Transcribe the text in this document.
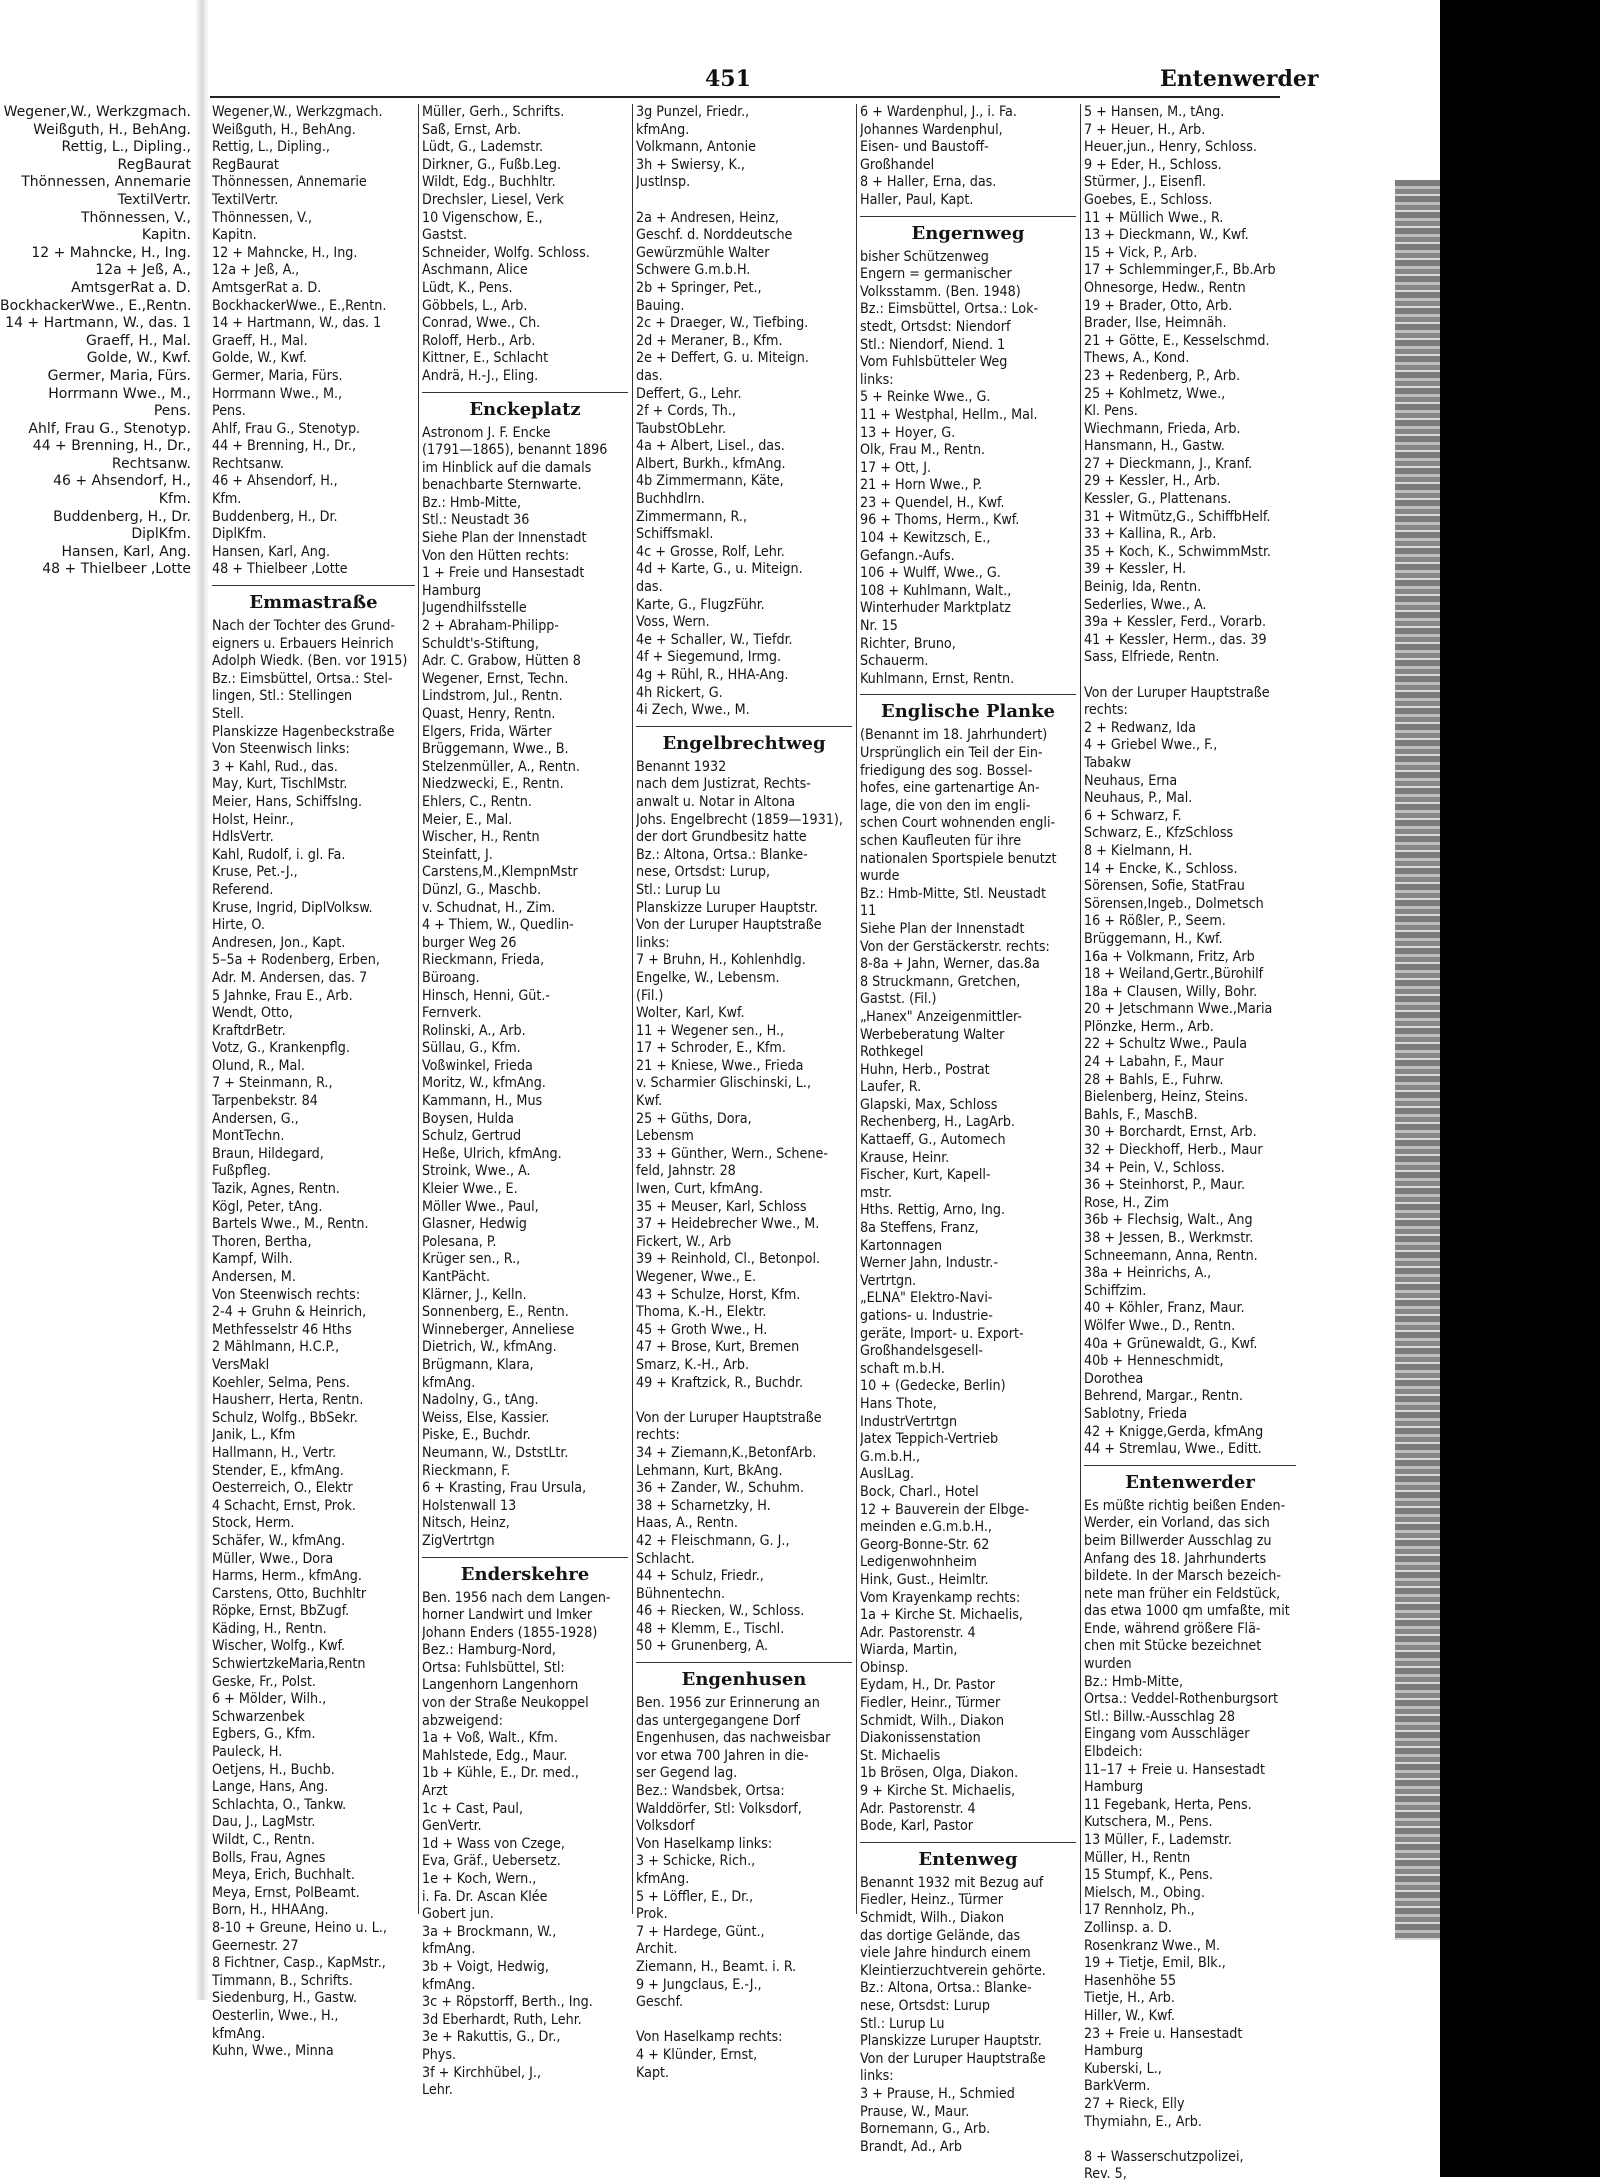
Wegener,W., Werkzgmach.
Weißguth, H., BehAng.
Rettig, L., Dipling.,
RegBaurat
Thönnessen, Annemarie
TextilVertr.
Thönnessen, V.,
Kapitn.
12 + Mahncke, H., Ing.
12a + Jeß, A.,
AmtsgerRat a. D.
BockhackerWwe., E.,Rentn.
14 + Hartmann, W., das. 1
Graeff, H., Mal.
Golde, W., Kwf.
Germer, Maria, Fürs.
Horrmann Wwe., M.,
Pens.
Ahlf, Frau G., Stenotyp.
44 + Brenning, H., Dr.,
Rechtsanw.
46 + Ahsendorf, H.,
Kfm.
Buddenberg, H., Dr.
DiplKfm.
Hansen, Karl, Ang.
48 + Thielbeer ,Lotte
451	Entenwerder
Wegener,W., Werkzgmach.
Weißguth, H., BehAng.
Rettig, L., Dipling.,
RegBaurat
Thönnessen, Annemarie
TextilVertr.
Thönnessen, V.,
Kapitn.
12 + Mahncke, H., Ing.
12a + Jeß, A.,
AmtsgerRat a. D.
BockhackerWwe., E.,Rentn.
14 + Hartmann, W., das. 1
Graeff, H., Mal.
Golde, W., Kwf.
Germer, Maria, Fürs.
Horrmann Wwe., M.,
Pens.
Ahlf, Frau G., Stenotyp.
44 + Brenning, H., Dr.,
Rechtsanw.
46 + Ahsendorf, H.,
Kfm.
Buddenberg, H., Dr.
DiplKfm.
Hansen, Karl, Ang.
48 + Thielbeer ,Lotte
Emmastraße
Nach der Tochter des Grund-
eigners u. Erbauers Heinrich
Adolph Wiedk. (Ben. vor 1915)
Bz.: Eimsbüttel, Ortsa.: Stel-
lingen, Stl.: Stellingen
Stell.
Planskizze Hagenbeckstraße
Von Steenwisch links:
3 + Kahl, Rud., das.
May, Kurt, TischlMstr.
Meier, Hans, SchiffsIng.
Holst, Heinr.,
HdlsVertr.
Kahl, Rudolf, i. gl. Fa.
Kruse, Pet.-J.,
Referend.
Kruse, Ingrid, DiplVolksw.
Hirte, O.
Andresen, Jon., Kapt.
5–5a + Rodenberg, Erben,
Adr. M. Andersen, das. 7
5 Jahnke, Frau E., Arb.
Wendt, Otto,
KraftdrBetr.
Votz, G., Krankenpflg.
Olund, R., Mal.
7 + Steinmann, R.,
Tarpenbekstr. 84
Andersen, G.,
MontTechn.
Braun, Hildegard,
Fußpfleg.
Tazik, Agnes, Rentn.
Kögl, Peter, tAng.
Bartels Wwe., M., Rentn.
Thoren, Bertha,
Kampf, Wilh.
Andersen, M.
Von Steenwisch rechts:
2-4 + Gruhn & Heinrich,
Methfesselstr 46 Hths
2 Mählmann, H.C.P.,
VersMakl
Koehler, Selma, Pens.
Hausherr, Herta, Rentn.
Schulz, Wolfg., BbSekr.
Janik, L., Kfm
Hallmann, H., Vertr.
Stender, E., kfmAng.
Oesterreich, O., Elektr
4 Schacht, Ernst, Prok.
Stock, Herm.
Schäfer, W., kfmAng.
Müller, Wwe., Dora
Harms, Herm., kfmAng.
Carstens, Otto, Buchhltr
Röpke, Ernst, BbZugf.
Käding, H., Rentn.
Wischer, Wolfg., Kwf.
SchwiertzkeMaria,Rentn
Geske, Fr., Polst.
6 + Mölder, Wilh.,
Schwarzenbek
Egbers, G., Kfm.
Pauleck, H.
Oetjens, H., Buchb.
Lange, Hans, Ang.
Schlachta, O., Tankw.
Dau, J., LagMstr.
Wildt, C., Rentn.
Bolls, Frau, Agnes
Meya, Erich, Buchhalt.
Meya, Ernst, PolBeamt.
Born, H., HHAAng.
8-10 + Greune, Heino u. L.,
Geernestr. 27
8 Fichtner, Casp., KapMstr.,
Timmann, B., Schrifts.
Siedenburg, H., Gastw.
Oesterlin, Wwe., H.,
kfmAng.
Kuhn, Wwe., Minna
Müller, Gerh., Schrifts.
Saß, Ernst, Arb.
Lüdt, G., Lademstr.
Dirkner, G., Fußb.Leg.
Wildt, Edg., Buchhltr.
Drechsler, Liesel, Verk
10 Vigenschow, E.,
Gastst.
Schneider, Wolfg. Schloss.
Aschmann, Alice
Lüdt, K., Pens.
Göbbels, L., Arb.
Conrad, Wwe., Ch.
Roloff, Herb., Arb.
Kittner, E., Schlacht
Andrä, H.-J., Eling.
Enckeplatz
Astronom J. F. Encke
(1791—1865), benannt 1896
im Hinblick auf die damals
benachbarte Sternwarte.
Bz.: Hmb-Mitte,
Stl.: Neustadt 36
Siehe Plan der Innenstadt
Von den Hütten rechts:
1 + Freie und Hansestadt
Hamburg
Jugendhilfsstelle
2 + Abraham-Philipp-
Schuldt's-Stiftung,
Adr. C. Grabow, Hütten 8
Wegener, Ernst, Techn.
Lindstrom, Jul., Rentn.
Quast, Henry, Rentn.
Elgers, Frida, Wärter
Brüggemann, Wwe., B.
Stelzenmüller, A., Rentn.
Niedzwecki, E., Rentn.
Ehlers, C., Rentn.
Meier, E., Mal.
Wischer, H., Rentn
Steinfatt, J.
Carstens,M.,KlempnMstr
Dünzl, G., Maschb.
v. Schudnat, H., Zim.
4 + Thiem, W., Quedlin-
burger Weg 26
Rieckmann, Frieda,
Büroang.
Hinsch, Henni, Güt.-
Fernverk.
Rolinski, A., Arb.
Süllau, G., Kfm.
Voßwinkel, Frieda
Moritz, W., kfmAng.
Kammann, H., Mus
Boysen, Hulda
Schulz, Gertrud
Heße, Ulrich, kfmAng.
Stroink, Wwe., A.
Kleier Wwe., E.
Möller Wwe., Paul,
Glasner, Hedwig
Polesana, P.
Krüger sen., R.,
KantPächt.
Klärner, J., Kelln.
Sonnenberg, E., Rentn.
Winneberger, Anneliese
Dietrich, W., kfmAng.
Brügmann, Klara,
kfmAng.
Nadolny, G., tAng.
Weiss, Else, Kassier.
Piske, E., Buchdr.
Neumann, W., DststLtr.
Rieckmann, F.
6 + Krasting, Frau Ursula,
Holstenwall 13
Nitsch, Heinz,
ZigVertrtgn
Enderskehre
Ben. 1956 nach dem Langen-
horner Landwirt und Imker
Johann Enders (1855-1928)
Bez.: Hamburg-Nord,
Ortsa: Fuhlsbüttel, Stl:
Langenhorn Langenhorn
von der Straße Neukoppel
abzweigend:
1a + Voß, Walt., Kfm.
Mahlstede, Edg., Maur.
1b + Kühle, E., Dr. med.,
Arzt
1c + Cast, Paul,
GenVertr.
1d + Wass von Czege,
Eva, Gräf., Uebersetz.
1e + Koch, Wern.,
i. Fa. Dr. Ascan Klée
Gobert jun.
3a + Brockmann, W.,
kfmAng.
3b + Voigt, Hedwig,
kfmAng.
3c + Röpstorff, Berth., Ing.
3d Eberhardt, Ruth, Lehr.
3e + Rakuttis, G., Dr.,
Phys.
3f + Kirchhübel, J.,
Lehr.
3g Punzel, Friedr.,
kfmAng.
Volkmann, Antonie
3h + Swiersy, K.,
JustInsp.
2a + Andresen, Heinz,
Geschf. d. Norddeutsche
Gewürzmühle Walter
Schwere G.m.b.H.
2b + Springer, Pet.,
Bauing.
2c + Draeger, W., Tiefbing.
2d + Meraner, B., Kfm.
2e + Deffert, G. u. Miteign.
das.
Deffert, G., Lehr.
2f + Cords, Th.,
TaubstObLehr.
4a + Albert, Lisel., das.
Albert, Burkh., kfmAng.
4b Zimmermann, Käte,
Buchhdlrn.
Zimmermann, R.,
Schiffsmakl.
4c + Grosse, Rolf, Lehr.
4d + Karte, G., u. Miteign.
das.
Karte, G., FlugzFühr.
Voss, Wern.
4e + Schaller, W., Tiefdr.
4f + Siegemund, Irmg.
4g + Rühl, R., HHA-Ang.
4h Rickert, G.
4i Zech, Wwe., M.
Engelbrechtweg
Benannt 1932
nach dem Justizrat, Rechts-
anwalt u. Notar in Altona
Johs. Engelbrecht (1859—1931),
der dort Grundbesitz hatte
Bz.: Altona, Ortsa.: Blanke-
nese, Ortsdst: Lurup,
Stl.: Lurup Lu
Planskizze Luruper Hauptstr.
Von der Luruper Hauptstraße
links:
7 + Bruhn, H., Kohlenhdlg.
Engelke, W., Lebensm.
(Fil.)
Wolter, Karl, Kwf.
11 + Wegener sen., H.,
17 + Schroder, E., Kfm.
21 + Kniese, Wwe., Frieda
v. Scharmier Glischinski, L.,
Kwf.
25 + Güths, Dora,
Lebensm
33 + Günther, Wern., Schene-
feld, Jahnstr. 28
Iwen, Curt, kfmAng.
35 + Meuser, Karl, Schloss
37 + Heidebrecher Wwe., M.
Fickert, W., Arb
39 + Reinhold, Cl., Betonpol.
Wegener, Wwe., E.
43 + Schulze, Horst, Kfm.
Thoma, K.-H., Elektr.
45 + Groth Wwe., H.
47 + Brose, Kurt, Bremen
Smarz, K.-H., Arb.
49 + Kraftzick, R., Buchdr.
Von der Luruper Hauptstraße
rechts:
34 + Ziemann,K.,BetonfArb.
Lehmann, Kurt, BkAng.
36 + Zander, W., Schuhm.
38 + Scharnetzky, H.
Haas, A., Rentn.
42 + Fleischmann, G. J.,
Schlacht.
44 + Schulz, Friedr.,
Bühnentechn.
46 + Riecken, W., Schloss.
48 + Klemm, E., Tischl.
50 + Grunenberg, A.
Engenhusen
Ben. 1956 zur Erinnerung an
das untergegangene Dorf
Engenhusen, das nachweisbar
vor etwa 700 Jahren in die-
ser Gegend lag.
Bez.: Wandsbek, Ortsa:
Walddörfer, Stl: Volksdorf,
Volksdorf
Von Haselkamp links:
3 + Schicke, Rich.,
kfmAng.
5 + Löffler, E., Dr.,
Prok.
7 + Hardege, Günt.,
Archit.
Ziemann, H., Beamt. i. R.
9 + Jungclaus, E.-J.,
Geschf.
Von Haselkamp rechts:
4 + Klünder, Ernst,
Kapt.
6 + Wardenphul, J., i. Fa.
Johannes Wardenphul,
Eisen- und Baustoff-
Großhandel
8 + Haller, Erna, das.
Haller, Paul, Kapt.
Engernweg
bisher Schützenweg
Engern = germanischer
Volksstamm. (Ben. 1948)
Bz.: Eimsbüttel, Ortsa.: Lok-
stedt, Ortsdst: Niendorf
Stl.: Niendorf, Niend. 1
Vom Fuhlsbütteler Weg
links:
5 + Reinke Wwe., G.
11 + Westphal, Hellm., Mal.
13 + Hoyer, G.
Olk, Frau M., Rentn.
17 + Ott, J.
21 + Horn Wwe., P.
23 + Quendel, H., Kwf.
96 + Thoms, Herm., Kwf.
104 + Kewitzsch, E.,
Gefangn.-Aufs.
106 + Wulff, Wwe., G.
108 + Kuhlmann, Walt.,
Winterhuder Marktplatz
Nr. 15
Richter, Bruno,
Schauerm.
Kuhlmann, Ernst, Rentn.
Englische Planke
(Benannt im 18. Jahrhundert)
Ursprünglich ein Teil der Ein-
friedigung des sog. Bossel-
hofes, eine gartenartige An-
lage, die von den im engli-
schen Court wohnenden engli-
schen Kaufleuten für ihre
nationalen Sportspiele benutzt
wurde
Bz.: Hmb-Mitte, Stl. Neustadt
11
Siehe Plan der Innenstadt
Von der Gerstäckerstr. rechts:
8-8a + Jahn, Werner, das.8a
8 Struckmann, Gretchen,
Gastst. (Fil.)
„Hanex" Anzeigenmittler-
Werbeberatung Walter
Rothkegel
Huhn, Herb., Postrat
Laufer, R.
Glapski, Max, Schloss
Rechenberg, H., LagArb.
Kattaeff, G., Automech
Krause, Heinr.
Fischer, Kurt, Kapell-
mstr.
Hths. Rettig, Arno, Ing.
8a Steffens, Franz,
Kartonnagen
Werner Jahn, Industr.-
Vertrtgn.
„ELNA" Elektro-Navi-
gations- u. Industrie-
geräte, Import- u. Export-
Großhandelsgesell-
schaft m.b.H.
10 + (Gedecke, Berlin)
Hans Thote,
IndustrVertrtgn
Jatex Teppich-Vertrieb
G.m.b.H.,
AuslLag.
Bock, Charl., Hotel
12 + Bauverein der Elbge-
meinden e.G.m.b.H.,
Georg-Bonne-Str. 62
Ledigenwohnheim
Hink, Gust., Heimltr.
Vom Krayenkamp rechts:
1a + Kirche St. Michaelis,
Adr. Pastorenstr. 4
Wiarda, Martin,
Obinsp.
Eydam, H., Dr. Pastor
Fiedler, Heinr., Türmer
Schmidt, Wilh., Diakon
Diakonissenstation
St. Michaelis
1b Brösen, Olga, Diakon.
9 + Kirche St. Michaelis,
Adr. Pastorenstr. 4
Bode, Karl, Pastor
Entenweg
Benannt 1932 mit Bezug auf
Fiedler, Heinz., Türmer
Schmidt, Wilh., Diakon
das dortige Gelände, das
viele Jahre hindurch einem
Kleintierzuchtverein gehörte.
Bz.: Altona, Ortsa.: Blanke-
nese, Ortsdst: Lurup
Stl.: Lurup Lu
Planskizze Luruper Hauptstr.
Von der Luruper Hauptstraße
links:
3 + Prause, H., Schmied
Prause, W., Maur.
Bornemann, G., Arb.
Brandt, Ad., Arb
5 + Hansen, M., tAng.
7 + Heuer, H., Arb.
Heuer,jun., Henry, Schloss.
9 + Eder, H., Schloss.
Stürmer, J., Eisenfl.
Goebes, E., Schloss.
11 + Müllich Wwe., R.
13 + Dieckmann, W., Kwf.
15 + Vick, P., Arb.
17 + Schlemminger,F., Bb.Arb
Ohnesorge, Hedw., Rentn
19 + Brader, Otto, Arb.
Brader, Ilse, Heimnäh.
21 + Götte, E., Kesselschmd.
Thews, A., Kond.
23 + Redenberg, P., Arb.
25 + Kohlmetz, Wwe.,
Kl. Pens.
Wiechmann, Frieda, Arb.
Hansmann, H., Gastw.
27 + Dieckmann, J., Kranf.
29 + Kessler, H., Arb.
Kessler, G., Plattenans.
31 + Witmütz,G., SchiffbHelf.
33 + Kallina, R., Arb.
35 + Koch, K., SchwimmMstr.
39 + Kessler, H.
Beinig, Ida, Rentn.
Sederlies, Wwe., A.
39a + Kessler, Ferd., Vorarb.
41 + Kessler, Herm., das. 39
Sass, Elfriede, Rentn.
Von der Luruper Hauptstraße
rechts:
2 + Redwanz, Ida
4 + Griebel Wwe., F.,
Tabakw
Neuhaus, Erna
Neuhaus, P., Mal.
6 + Schwarz, F.
Schwarz, E., KfzSchloss
8 + Kielmann, H.
14 + Encke, K., Schloss.
Sörensen, Sofie, StatFrau
Sörensen,Ingeb., Dolmetsch
16 + Rößler, P., Seem.
Brüggemann, H., Kwf.
16a + Volkmann, Fritz, Arb
18 + Weiland,Gertr.,Bürohilf
18a + Clausen, Willy, Bohr.
20 + Jetschmann Wwe.,Maria
Plönzke, Herm., Arb.
22 + Schultz Wwe., Paula
24 + Labahn, F., Maur
28 + Bahls, E., Fuhrw.
Bielenberg, Heinz, Steins.
Bahls, F., MaschB.
30 + Borchardt, Ernst, Arb.
32 + Dieckhoff, Herb., Maur
34 + Pein, V., Schloss.
36 + Steinhorst, P., Maur.
Rose, H., Zim
36b + Flechsig, Walt., Ang
38 + Jessen, B., Werkmstr.
Schneemann, Anna, Rentn.
38a + Heinrichs, A.,
Schiffzim.
40 + Köhler, Franz, Maur.
Wölfer Wwe., D., Rentn.
40a + Grünewaldt, G., Kwf.
40b + Henneschmidt,
Dorothea
Behrend, Margar., Rentn.
Sablotny, Frieda
42 + Knigge,Gerda, kfmAng
44 + Stremlau, Wwe., Editt.
Entenwerder
Es müßte richtig beißen Enden-
Werder, ein Vorland, das sich
beim Billwerder Ausschlag zu
Anfang des 18. Jahrhunderts
bildete. In der Marsch bezeich-
nete man früher ein Feldstück,
das etwa 1000 qm umfaßte, mit
Ende, während größere Flä-
chen mit Stücke bezeichnet
wurden
Bz.: Hmb-Mitte,
Ortsa.: Veddel-Rothenburgsort
Stl.: Billw.-Ausschlag 28
Eingang vom Ausschläger
Elbdeich:
11–17 + Freie u. Hansestadt
Hamburg
11 Fegebank, Herta, Pens.
Kutschera, M., Pens.
13 Müller, F., Lademstr.
Müller, H., Rentn
15 Stumpf, K., Pens.
Mielsch, M., Obing.
17 Rennholz, Ph.,
Zollinsp. a. D.
Rosenkranz Wwe., M.
19 + Tietje, Emil, Blk.,
Hasenhöhe 55
Tietje, H., Arb.
Hiller, W., Kwf.
23 + Freie u. Hansestadt
Hamburg
Kuberski, L.,
BarkVerm.
27 + Rieck, Elly
Thymiahn, E., Arb.
8 + Wasserschutzpolizei,
Rev. 5,
